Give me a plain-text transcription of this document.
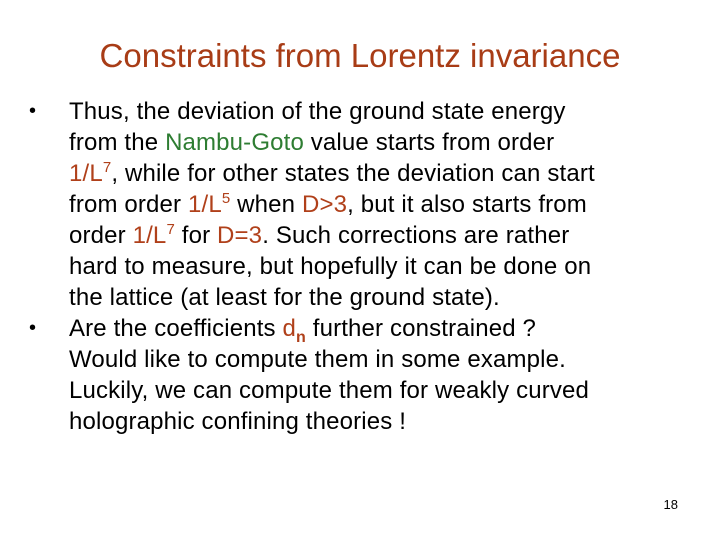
Constraints from Lorentz invariance
• Thus, the deviation of the ground state energy
from the Nambu-Goto value starts from order
$1/L^7$, while for other states the deviation can start
from order $1/L^5$ when D>3, but it also starts from
order $1/L^7$ for D=3. Such corrections are rather
hard to measure, but hopefully it can be done on
the lattice (at least for the ground state).
• Are the coefficients $d_n$ further constrained ?
Would like to compute them in some example.
Luckily, we can compute them for weakly curved
holographic confining theories !
18
